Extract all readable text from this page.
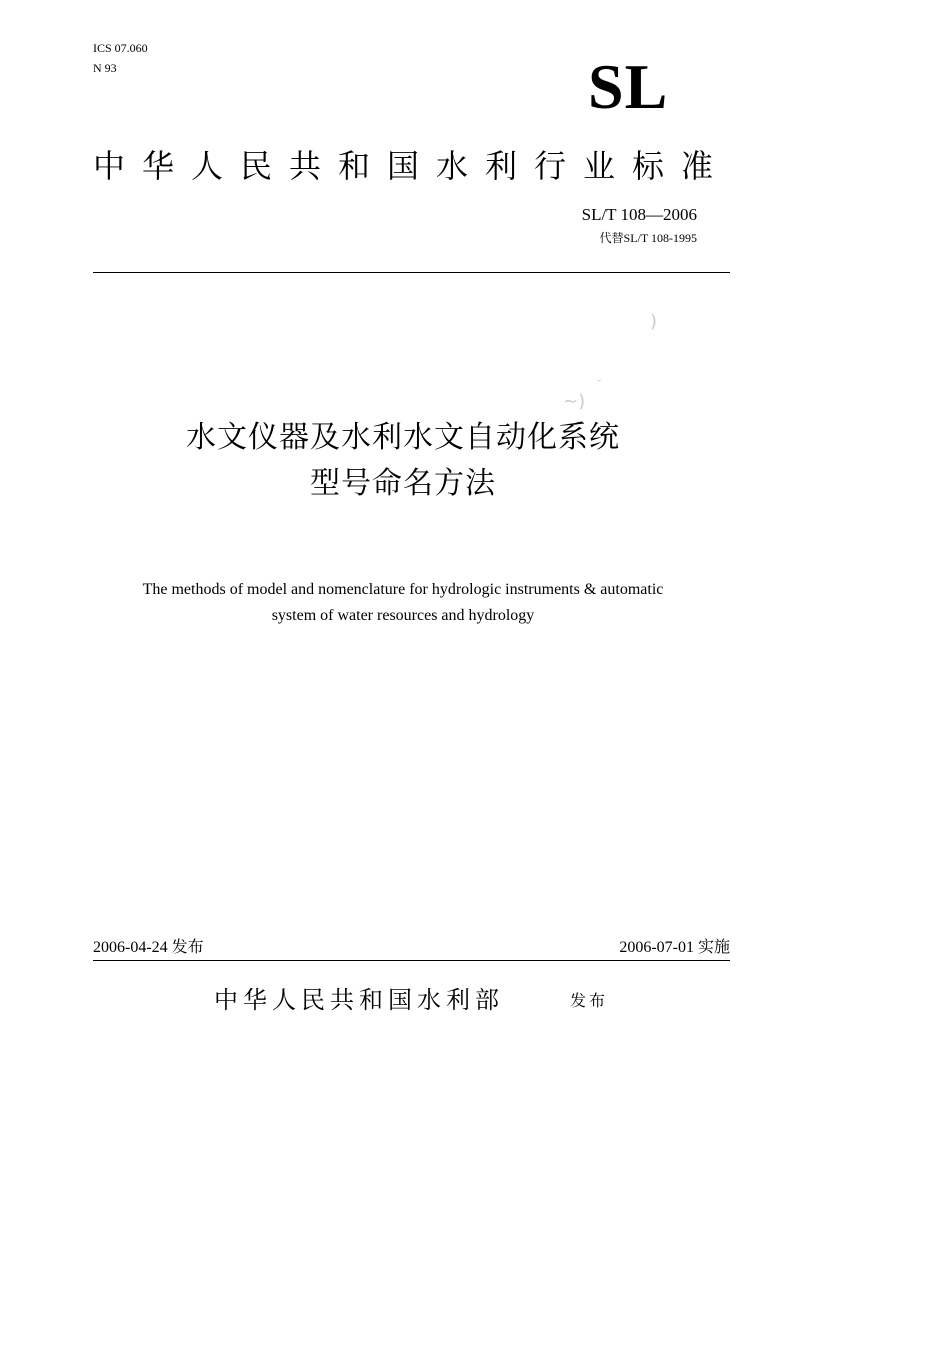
ICS 07.060
N 93	SL
中华人民共和国水利行业标准
SL/T 108—2006
代替SL/T 108-1995
)
-
~)
水文仪器及水利水文自动化系统
型号命名方法
The methods of model and nomenclature for hydrologic instruments & automatic
system of water resources and hydrology
2006-04-24 发布	2006-07-01 实施
中华人民共和国水利部	发布
